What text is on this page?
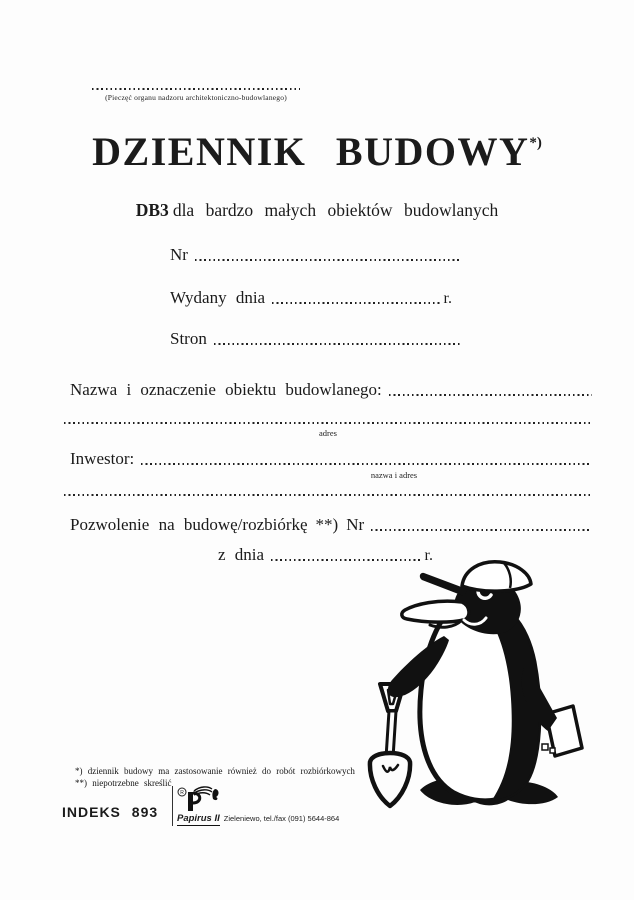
(Pieczęć organu nadzoru architektoniczno-budowlanego)
DZIENNIK BUDOWY*)
DB3 dla bardzo małych obiektów budowlanych
Nr
Wydany dnia	r.
Stron
Nazwa i oznaczenie obiektu budowlanego:
adres
Inwestor:
nazwa i adres
Pozwolenie na budowę/rozbiórkę **) Nr
z dnia	r.
*) dziennik budowy ma zastosowanie również do robót rozbiórkowych
**) niepotrzebne skreślić
INDEKS 893
R
Papirus II Zieleniewo, tel./fax (091) 5644-864
